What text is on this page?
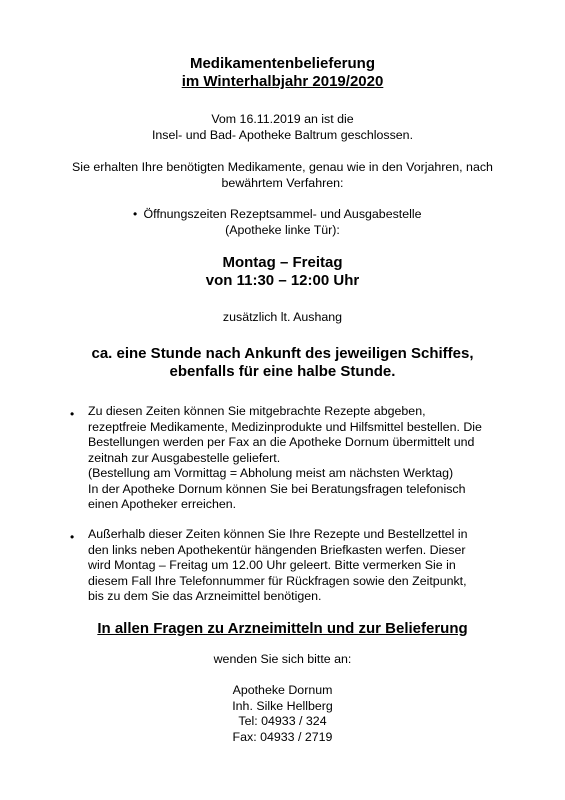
Medikamentenbelieferung
im Winterhalbjahr 2019/2020
Vom 16.11.2019 an ist die
Insel- und Bad- Apotheke Baltrum geschlossen.
Sie erhalten Ihre benötigten Medikamente, genau wie in den Vorjahren, nach
bewährtem Verfahren:
• Öffnungszeiten Rezeptsammel- und Ausgabestelle
(Apotheke linke Tür):
Montag – Freitag
von 11:30 – 12:00 Uhr
zusätzlich lt. Aushang
ca. eine Stunde nach Ankunft des jeweiligen Schiffes,
ebenfalls für eine halbe Stunde.
• Zu diesen Zeiten können Sie mitgebrachte Rezepte abgeben,
rezeptfreie Medikamente, Medizinprodukte und Hilfsmittel bestellen. Die
Bestellungen werden per Fax an die Apotheke Dornum übermittelt und
zeitnah zur Ausgabestelle geliefert.
(Bestellung am Vormittag = Abholung meist am nächsten Werktag)
In der Apotheke Dornum können Sie bei Beratungsfragen telefonisch
einen Apotheker erreichen.
• Außerhalb dieser Zeiten können Sie Ihre Rezepte und Bestellzettel in
den links neben Apothekentür hängenden Briefkasten werfen. Dieser
wird Montag – Freitag um 12.00 Uhr geleert. Bitte vermerken Sie in
diesem Fall Ihre Telefonnummer für Rückfragen sowie den Zeitpunkt,
bis zu dem Sie das Arzneimittel benötigen.
In allen Fragen zu Arzneimitteln und zur Belieferung
wenden Sie sich bitte an:
Apotheke Dornum
Inh. Silke Hellberg
Tel: 04933 / 324
Fax: 04933 / 2719
